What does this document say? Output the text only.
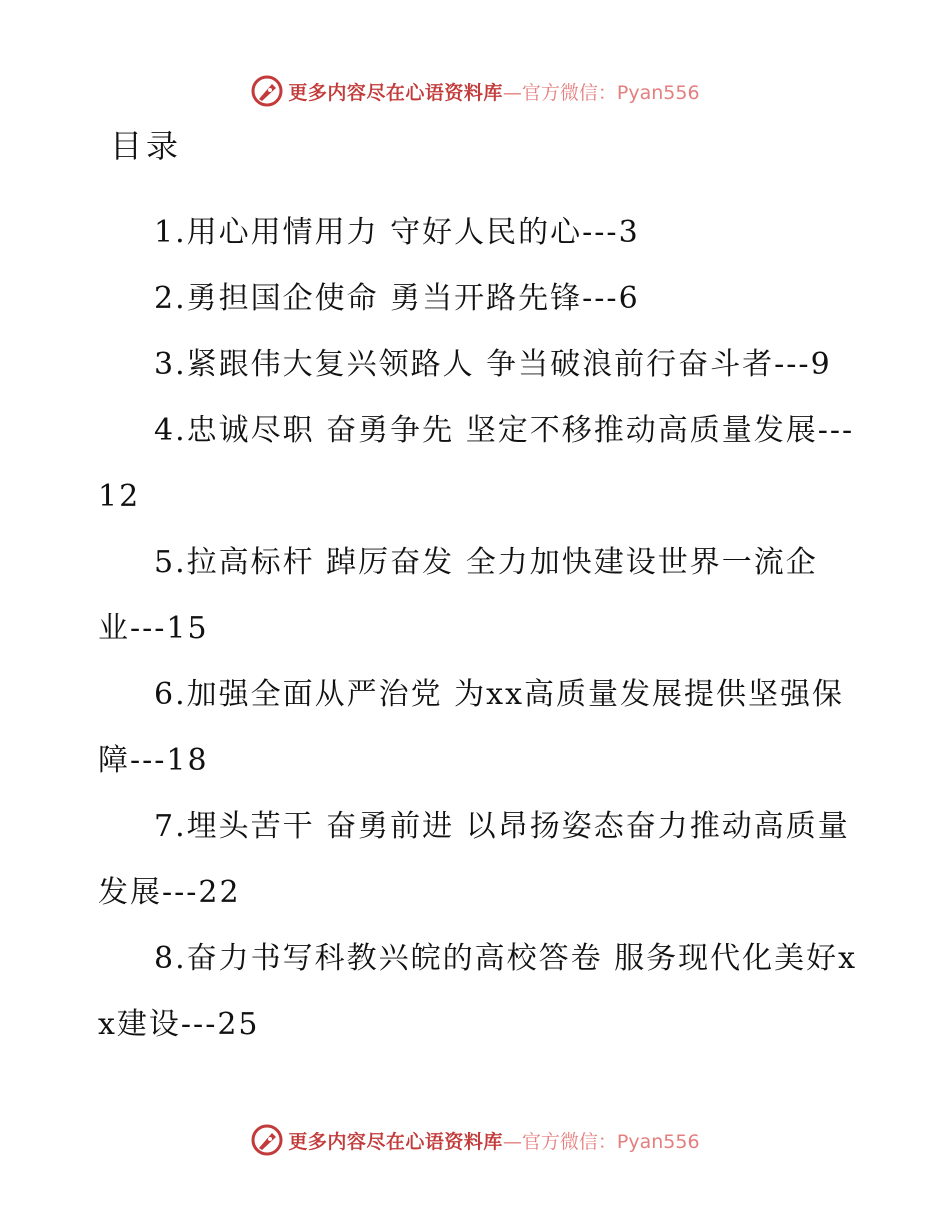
更多内容尽在心语资料库 —官方微信：Pyan556
目录
1.用心用情用力 守好人民的心---3
2.勇担国企使命 勇当开路先锋---6
3.紧跟伟大复兴领路人 争当破浪前行奋斗者---9
4.忠诚尽职 奋勇争先 坚定不移推动高质量发展---12
5.拉高标杆 踔厉奋发 全力加快建设世界一流企业---15
6.加强全面从严治党 为xx高质量发展提供坚强保障---18
7.埋头苦干 奋勇前进 以昂扬姿态奋力推动高质量发展---22
8.奋力书写科教兴皖的高校答卷 服务现代化美好xx建设---25
更多内容尽在心语资料库 —官方微信：Pyan556
